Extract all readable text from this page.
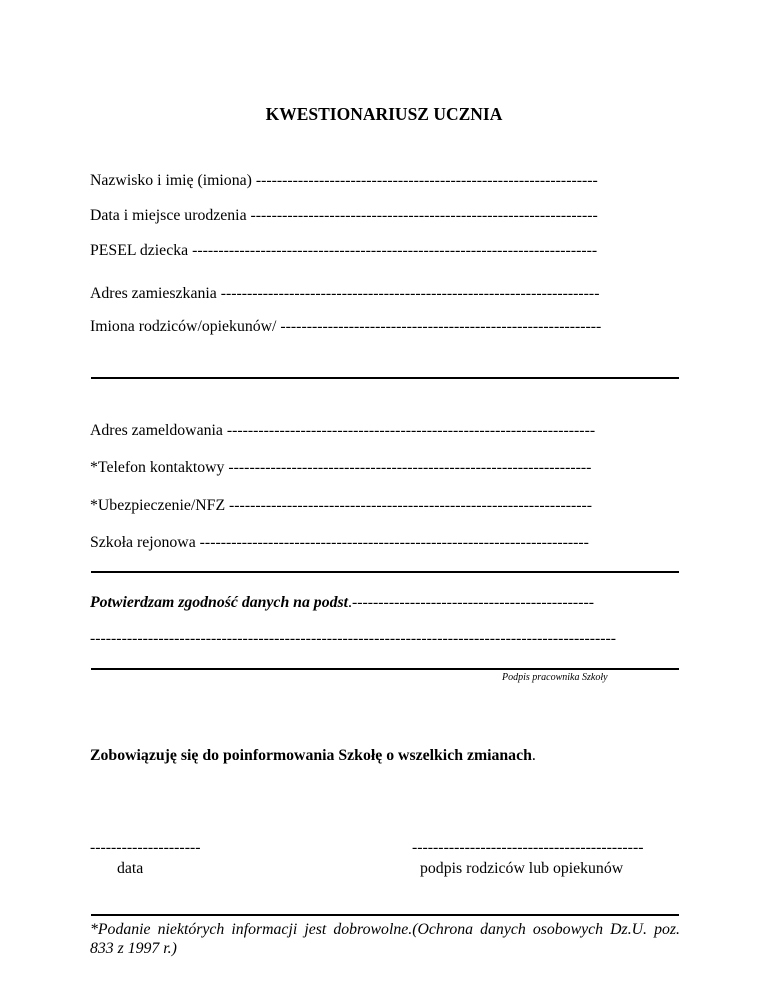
KWESTIONARIUSZ UCZNIA
Nazwisko i imię (imiona) -----------------------------------------------------------------
Data i miejsce urodzenia ------------------------------------------------------------------
PESEL dziecka -----------------------------------------------------------------------------
Adres zamieszkania ------------------------------------------------------------------------
Imiona rodziców/opiekunów/ -------------------------------------------------------------
Adres zameldowania ----------------------------------------------------------------------
*Telefon kontaktowy ---------------------------------------------------------------------
*Ubezpieczenie/NFZ ---------------------------------------------------------------------
Szkoła rejonowa --------------------------------------------------------------------------
Potwierdzam zgodność danych na podst.----------------------------------------------
----------------------------------------------------------------------------------------------------
Podpis pracownika Szkoły
Zobowiązuję się do poinformowania Szkołę o wszelkich zmianach.
---------------------
data
--------------------------------------------
podpis rodziców lub opiekunów
*Podanie niektórych informacji jest dobrowolne.(Ochrona danych osobowych Dz.U. poz. 833 z 1997 r.)
